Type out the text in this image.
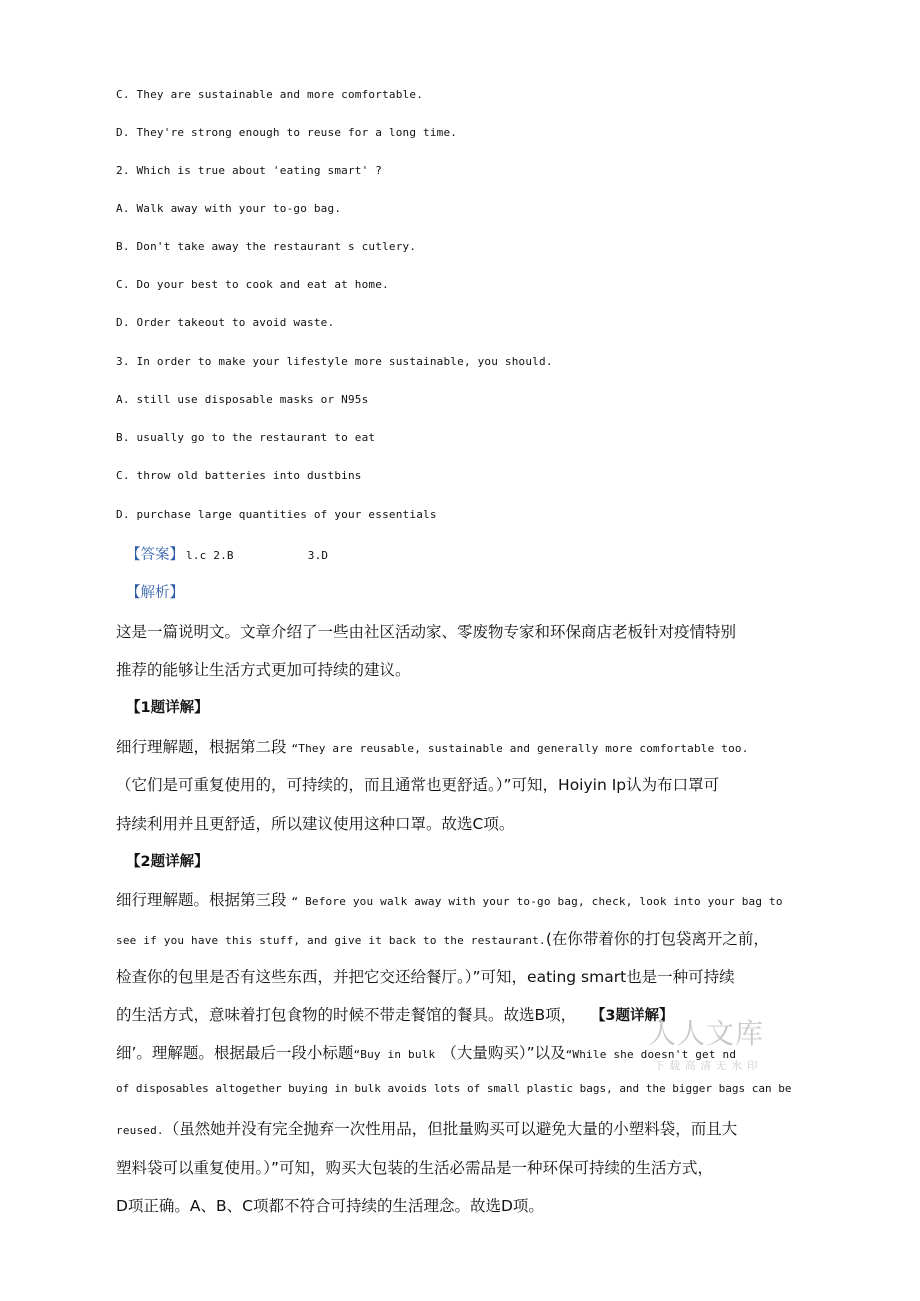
C. They are sustainable and more comfortable.
D. They're strong enough to reuse for a long time.
2. Which is true about 'eating smart' ?
A. Walk away with your to-go bag.
B. Don't take away the restaurant s cutlery.
C. Do your best to cook and eat at home.
D. Order takeout to avoid waste.
3. In order to make your lifestyle more sustainable, you should.
A. still use disposable masks or N95s
B. usually go to the restaurant to eat
C. throw old batteries into dustbins
D. purchase large quantities of your essentials
【答案】 l.c 2.B	3.D
【解析】
这是一篇说明文。文章介绍了一些由社区活动家、零废物专家和环保商店老板针对疫情特别
推荐的能够让生活方式更加可持续的建议。
【1题详解】
细行理解题，根据第二段 “They are reusable, sustainable and generally more comfortable too.
（它们是可重复使用的，可持续的，而且通常也更舒适。）”可知，Hoiyin Ip认为布口罩可
持续利用并且更舒适，所以建议使用这种口罩。故选C项。
【2题详解】
细行理解题。根据第三段 “ Before you walk away with your to-go bag, check, look into your bag to
see if you have this stuff, and give it back to the restaurant.(在你带着你的打包袋离开之前，
检查你的包里是否有这些东西，并把它交还给餐厅。）”可知，eating smart也是一种可持续
的生活方式，意味着打包食物的时候不带走餐馆的餐具。故选B项， 【3题详解】
细’。理解题。根据最后一段小标题“Buy in bulk （大量购买）”以及“While she doesn't get nd
of disposables altogether buying in bulk avoids lots of small plastic bags, and the bigger bags can be
reused.（虽然她并没有完全抛弃一次性用品，但批量购买可以避免大量的小塑料袋，而且大
塑料袋可以重复使用。）”可知，购买大包装的生活必需品是一种环保可持续的生活方式，
D项正确。A、B、C项都不符合可持续的生活理念。故选D项。
人人文库
下载高清无水印
